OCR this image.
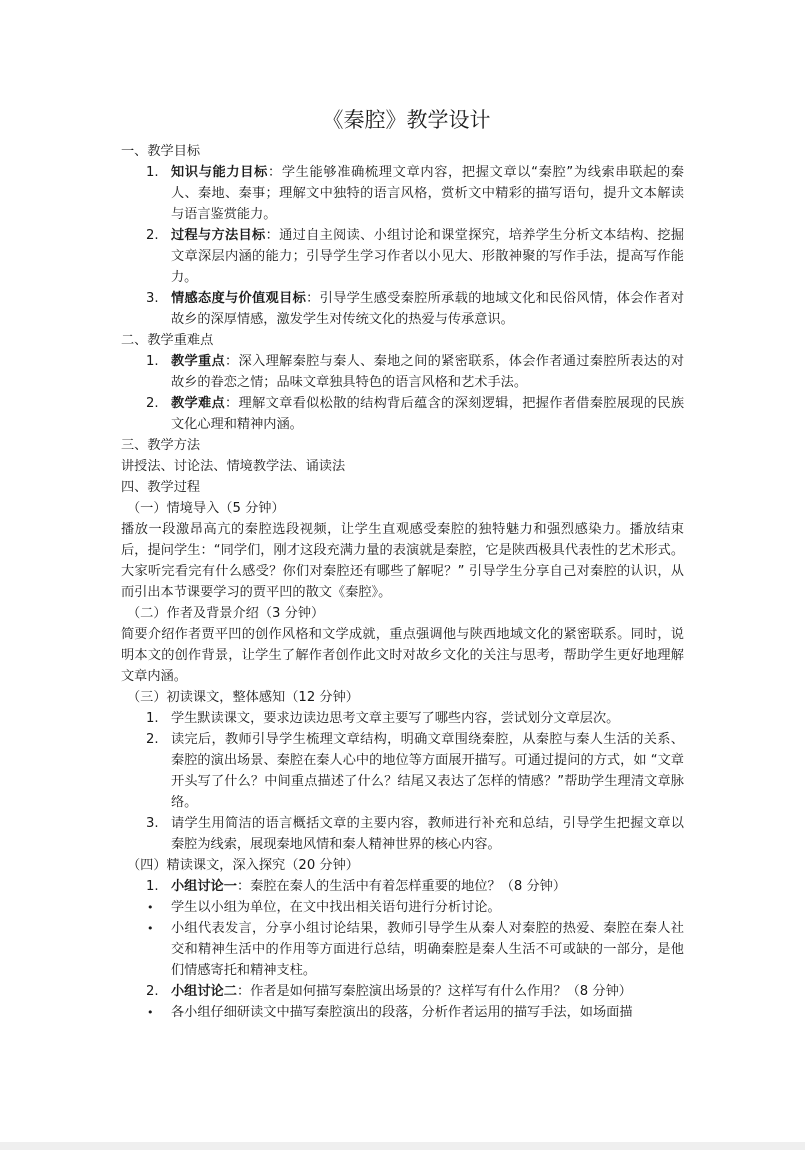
《秦腔》教学设计

一、教学目标

1. 知识与能力目标：学生能够准确梳理文章内容，把握文章以“秦腔”为线索串联起的秦人、秦地、秦事；理解文中独特的语言风格，赏析文中精彩的描写语句，提升文本解读与语言鉴赏能力。
2. 过程与方法目标：通过自主阅读、小组讨论和课堂探究，培养学生分析文本结构、挖掘文章深层内涵的能力；引导学生学习作者以小见大、形散神聚的写作手法，提高写作能力。
3. 情感态度与价值观目标：引导学生感受秦腔所承载的地域文化和民俗风情，体会作者对故乡的深厚情感，激发学生对传统文化的热爱与传承意识。

二、教学重难点

1. 教学重点：深入理解秦腔与秦人、秦地之间的紧密联系，体会作者通过秦腔所表达的对故乡的眷恋之情；品味文章独具特色的语言风格和艺术手法。
2. 教学难点：理解文章看似松散的结构背后蕴含的深刻逻辑，把握作者借秦腔展现的民族文化心理和精神内涵。

三、教学方法

讲授法、讨论法、情境教学法、诵读法

四、教学过程

（一）情境导入（5 分钟）

播放一段激昂高亢的秦腔选段视频，让学生直观感受秦腔的独特魅力和强烈感染力。播放结束后，提问学生：“同学们，刚才这段充满力量的表演就是秦腔，它是陕西极具代表性的艺术形式。大家听完看完有什么感受？你们对秦腔还有哪些了解呢？” 引导学生分享自己对秦腔的认识，从而引出本节课要学习的贾平凹的散文《秦腔》。

（二）作者及背景介绍（3 分钟）

简要介绍作者贾平凹的创作风格和文学成就，重点强调他与陕西地域文化的紧密联系。同时，说明本文的创作背景，让学生了解作者创作此文时对故乡文化的关注与思考，帮助学生更好地理解文章内涵。

（三）初读课文，整体感知（12 分钟）

1. 学生默读课文，要求边读边思考文章主要写了哪些内容，尝试划分文章层次。
2. 读完后，教师引导学生梳理文章结构，明确文章围绕秦腔，从秦腔与秦人生活的关系、秦腔的演出场景、秦腔在秦人心中的地位等方面展开描写。可通过提问的方式，如 “文章开头写了什么？中间重点描述了什么？结尾又表达了怎样的情感？”帮助学生理清文章脉络。
3. 请学生用简洁的语言概括文章的主要内容，教师进行补充和总结，引导学生把握文章以秦腔为线索，展现秦地风情和秦人精神世界的核心内容。

（四）精读课文，深入探究（20 分钟）

1. 小组讨论一：秦腔在秦人的生活中有着怎样重要的地位？（8 分钟）
• 学生以小组为单位，在文中找出相关语句进行分析讨论。
• 小组代表发言，分享小组讨论结果，教师引导学生从秦人对秦腔的热爱、秦腔在秦人社交和精神生活中的作用等方面进行总结，明确秦腔是秦人生活不可或缺的一部分，是他们情感寄托和精神支柱。
2. 小组讨论二：作者是如何描写秦腔演出场景的？这样写有什么作用？（8 分钟）
• 各小组仔细研读文中描写秦腔演出的段落，分析作者运用的描写手法，如场面描
